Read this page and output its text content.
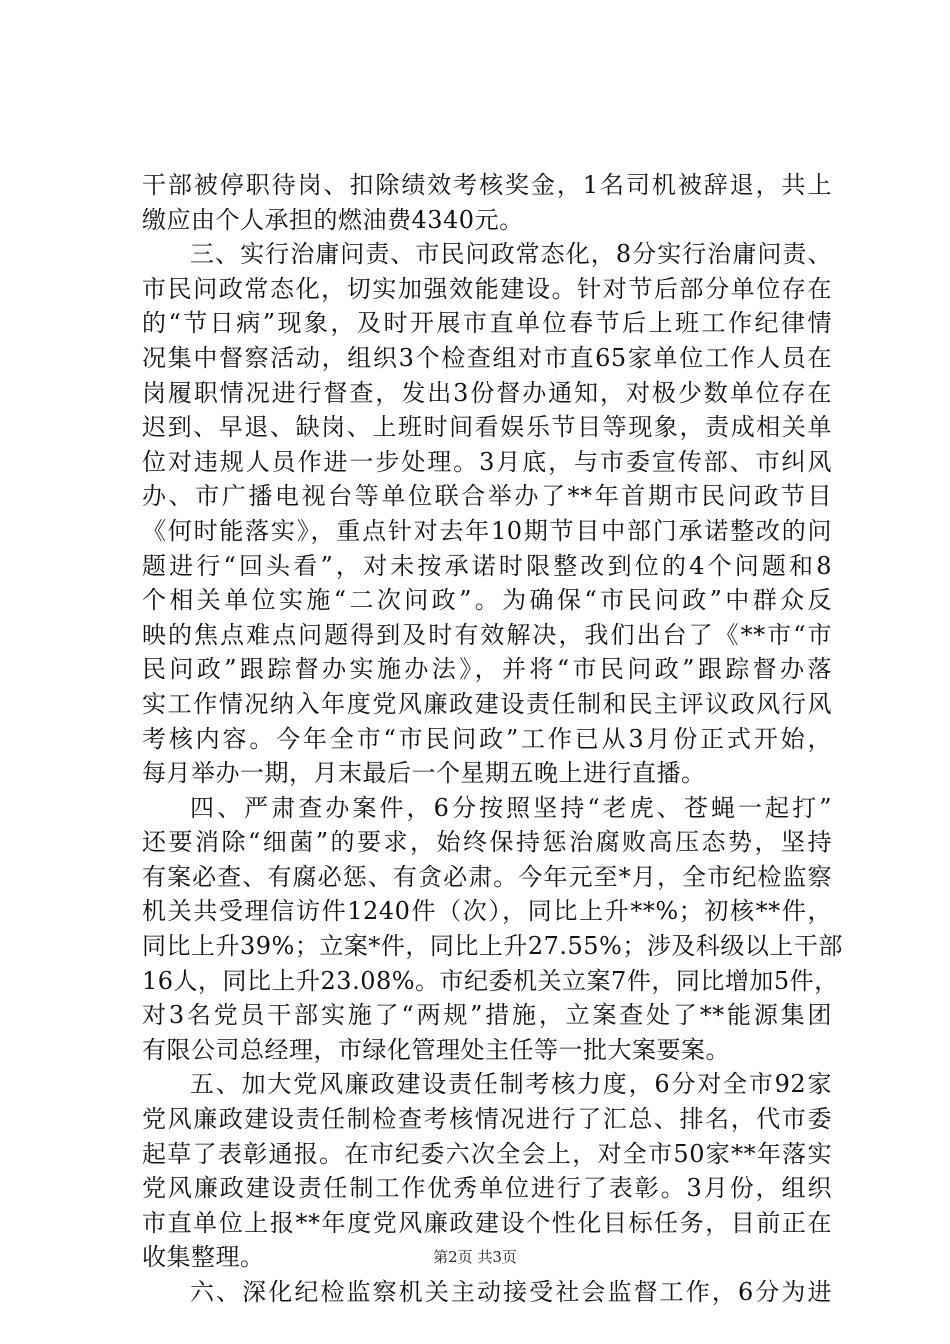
干部被停职待岗、扣除绩效考核奖金，1名司机被辞退，共上
缴应由个人承担的燃油费4340元。
三、实行治庸问责、市民问政常态化，8分实行治庸问责、
市民问政常态化，切实加强效能建设。针对节后部分单位存在
的“节日病”现象，及时开展市直单位春节后上班工作纪律情
况集中督察活动，组织3个检查组对市直65家单位工作人员在
岗履职情况进行督查，发出3份督办通知，对极少数单位存在
迟到、早退、缺岗、上班时间看娱乐节目等现象，责成相关单
位对违规人员作进一步处理。3月底，与市委宣传部、市纠风
办、市广播电视台等单位联合举办了**年首期市民问政节目
《何时能落实》，重点针对去年10期节目中部门承诺整改的问
题进行“回头看”，对未按承诺时限整改到位的4个问题和8
个相关单位实施“二次问政”。为确保“市民问政”中群众反
映的焦点难点问题得到及时有效解决，我们出台了《**市“市
民问政”跟踪督办实施办法》，并将“市民问政”跟踪督办落
实工作情况纳入年度党风廉政建设责任制和民主评议政风行风
考核内容。今年全市“市民问政”工作已从3月份正式开始，
每月举办一期，月末最后一个星期五晚上进行直播。
四、严肃查办案件，6分按照坚持“老虎、苍蝇一起打”
还要消除“细菌”的要求，始终保持惩治腐败高压态势，坚持
有案必查、有腐必惩、有贪必肃。今年元至*月，全市纪检监察
机关共受理信访件1240件（次），同比上升**%；初核**件，
同比上升39%；立案*件，同比上升27.55%；涉及科级以上干部
16人，同比上升23.08%。市纪委机关立案7件，同比增加5件，
对3名党员干部实施了“两规”措施，立案查处了**能源集团
有限公司总经理，市绿化管理处主任等一批大案要案。
五、加大党风廉政建设责任制考核力度，6分对全市92家
党风廉政建设责任制检查考核情况进行了汇总、排名，代市委
起草了表彰通报。在市纪委六次全会上，对全市50家**年落实
党风廉政建设责任制工作优秀单位进行了表彰。3月份，组织
市直单位上报**年度党风廉政建设个性化目标任务，目前正在
收集整理。
六、深化纪检监察机关主动接受社会监督工作，6分为进
第2页 共3页
